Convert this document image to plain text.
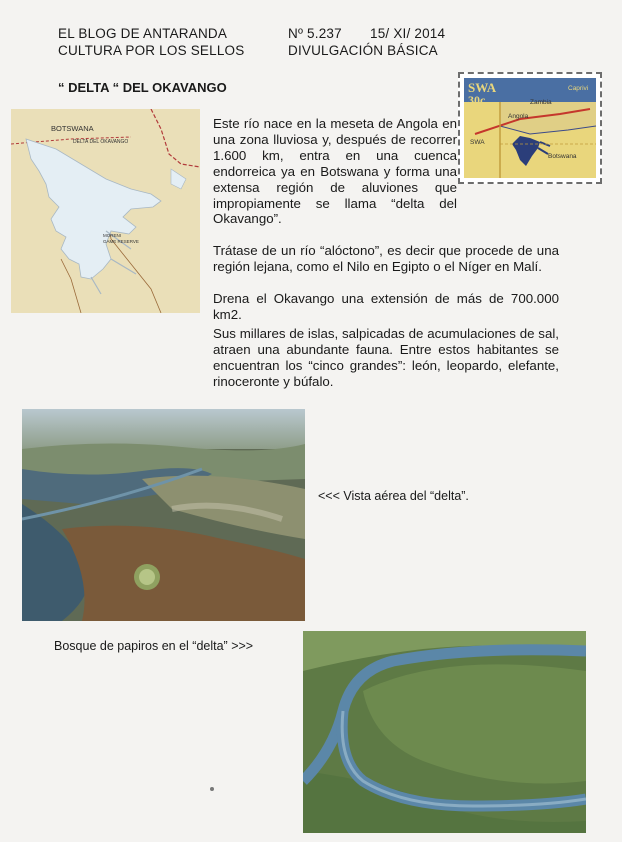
EL BLOG DE ANTARANDA	Nº 5.237 15/ XI/ 2014
CULTURA POR LOS SELLOS	DIVULGACIÓN BÁSICA
“ DELTA “ DEL OKAVANGO
BOTSWANA
DELTA DEL OKAVANGO
MORENI
GAME RESERVE
SWA
30c	Zambia
Caprivi
Angola
SWA
Botswana
Este río nace en la meseta de Angola en una zona lluviosa y, después de recorrer 1.600 km, entra en una cuenca endorreica ya en Botswana y forma una extensa región de aluviones que impropiamente se llama “delta del Okavango”.
Trátase de un río “alóctono”, es decir que procede de una región lejana, como el Nilo en Egipto o el Níger en Malí.
Drena el Okavango una extensión de más de 700.000 km2.
Sus millares de islas, salpicadas de acumulaciones de sal, atraen una abundante fauna. Entre estos habitantes se encuentran los “cinco grandes”: león, leopardo, elefante, rinoceronte y búfalo.
<<< Vista aérea del “delta”.
Bosque de papiros en el “delta” >>>
